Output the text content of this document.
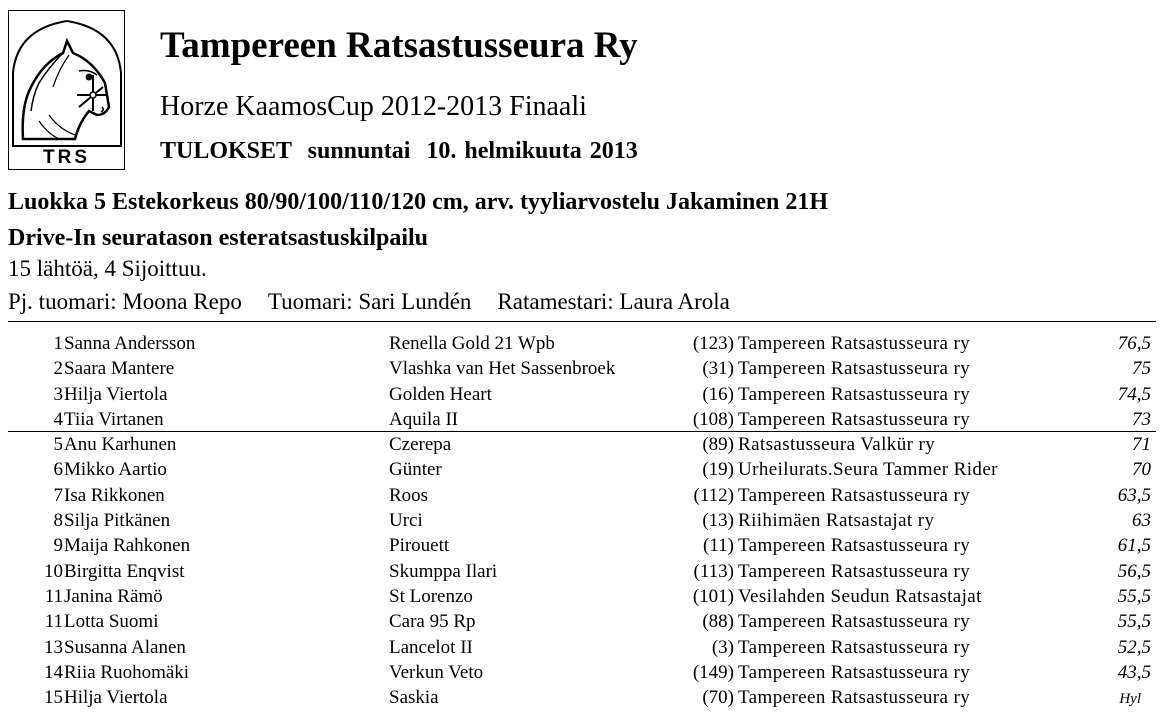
TRS
Tampereen Ratsastusseura Ry
Horze KaamosCup 2012-2013 Finaali
TULOKSET sunnuntai  10. helmikuuta 2013
Luokka 5 Estekorkeus 80/90/100/110/120 cm, arv. tyyliarvostelu Jakaminen 21H
Drive-In seuratason esteratsastuskilpailu
15 lähtöä, 4 Sijoittuu.
Pj. tuomari: Moona Repo Tuomari: Sari Lundén Ratamestari: Laura Arola
1 Sanna Andersson	Renella Gold 21 Wpb	(123) Tampereen Ratsastusseura ry	76,5
2 Saara Mantere	Vlashka van Het Sassenbroek	(31) Tampereen Ratsastusseura ry	75
3 Hilja Viertola	Golden Heart	(16) Tampereen Ratsastusseura ry	74,5
4 Tiia Virtanen	Aquila II	(108) Tampereen Ratsastusseura ry	73
5 Anu Karhunen	Czerepa	(89) Ratsastusseura Valkür ry	71
6 Mikko Aartio	Günter	(19) Urheilurats.Seura Tammer Rider	70
7 Isa Rikkonen	Roos	(112) Tampereen Ratsastusseura ry	63,5
8 Silja Pitkänen	Urci	(13) Riihimäen Ratsastajat ry	63
9 Maija Rahkonen	Pirouett	(11) Tampereen Ratsastusseura ry	61,5
10 Birgitta Enqvist	Skumppa Ilari	(113) Tampereen Ratsastusseura ry	56,5
11 Janina Rämö	St Lorenzo	(101) Vesilahden Seudun Ratsastajat	55,5
11 Lotta Suomi	Cara 95 Rp	(88) Tampereen Ratsastusseura ry	55,5
13 Susanna Alanen	Lancelot II	(3) Tampereen Ratsastusseura ry	52,5
14 Riia Ruohomäki	Verkun Veto	(149) Tampereen Ratsastusseura ry	43,5
15 Hilja Viertola	Saskia	(70) Tampereen Ratsastusseura ry	Hyl
